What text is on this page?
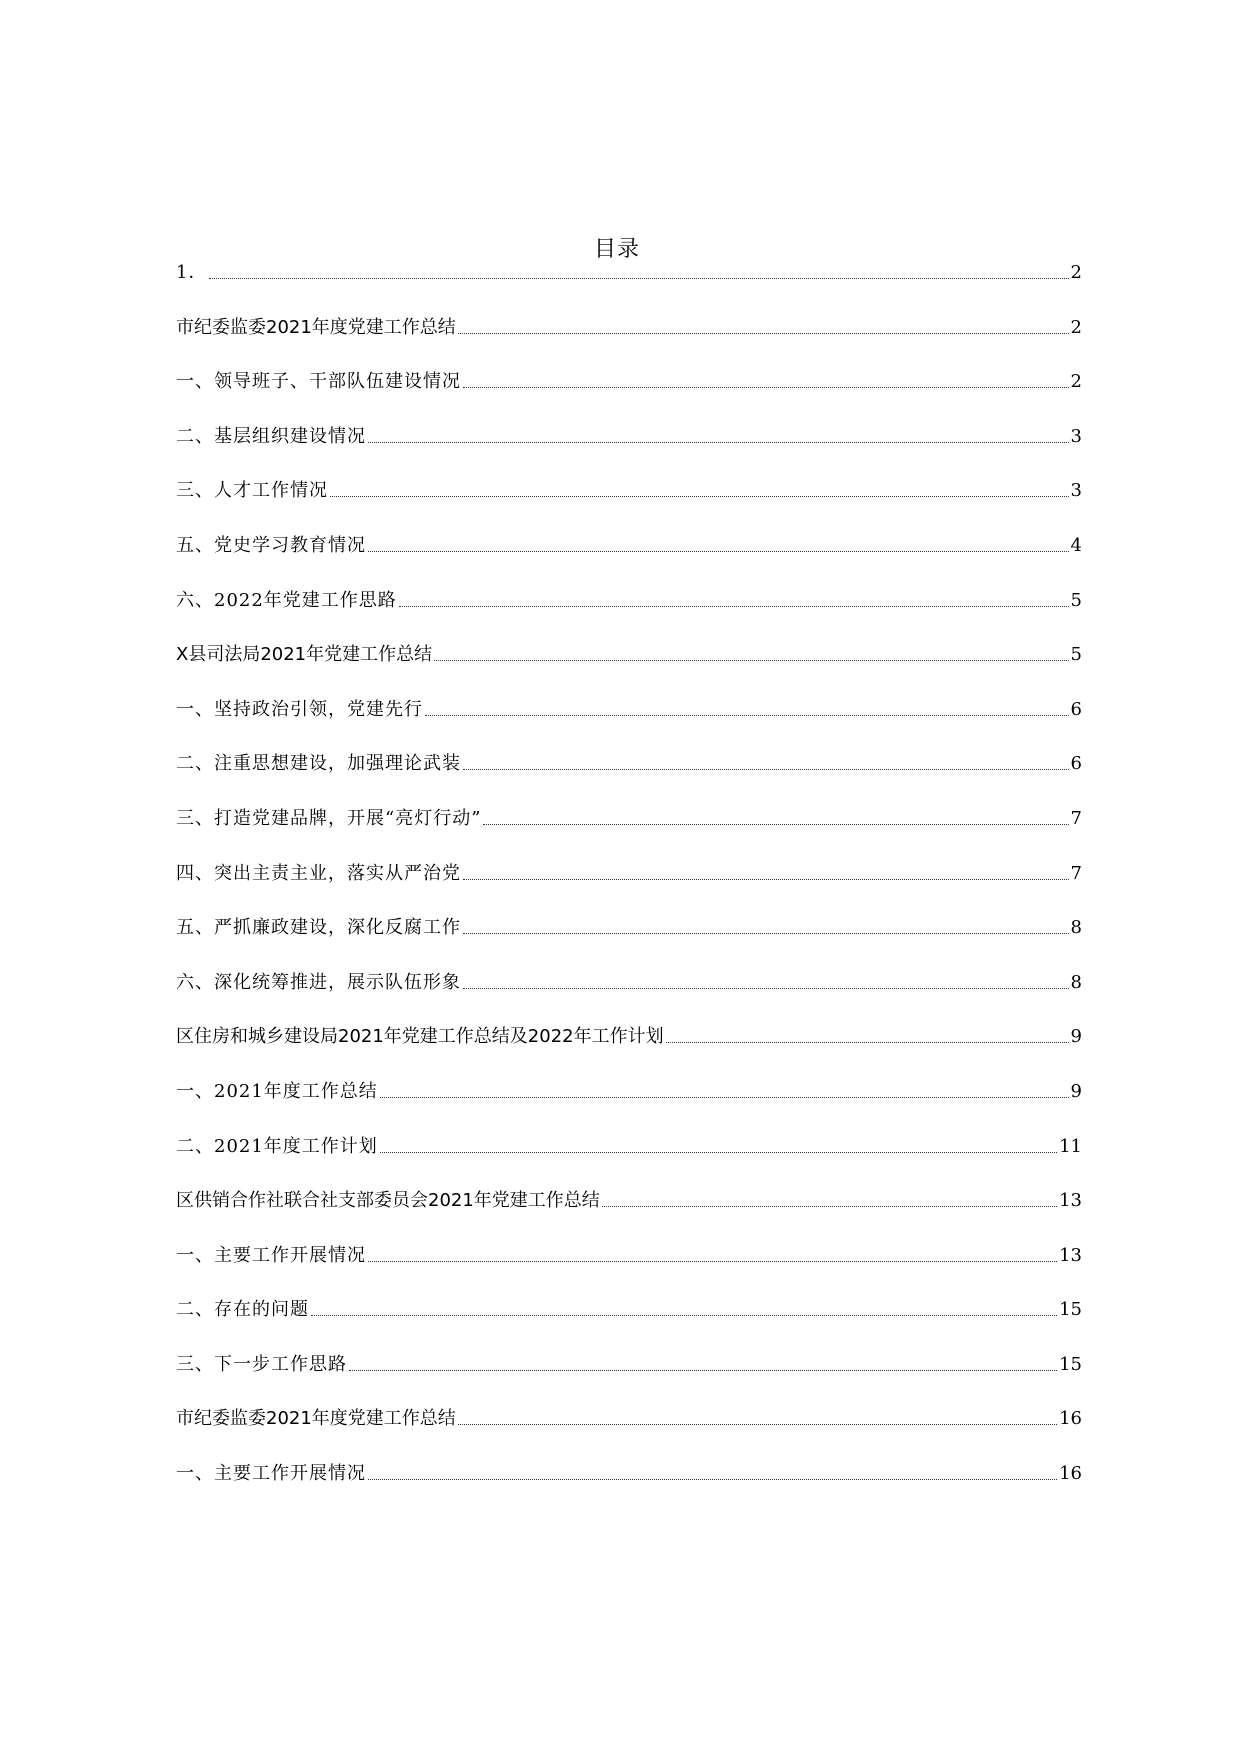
目录
1．	2
市纪委监委2021年度党建工作总结	2
一、领导班子、干部队伍建设情况	2
二、基层组织建设情况	3
三、人才工作情况	3
五、党史学习教育情况	4
六、2022年党建工作思路	5
X县司法局2021年党建工作总结	5
一、坚持政治引领，党建先行	6
二、注重思想建设，加强理论武装	6
三、打造党建品牌，开展“亮灯行动”	7
四、突出主责主业，落实从严治党	7
五、严抓廉政建设，深化反腐工作	8
六、深化统筹推进，展示队伍形象	8
区住房和城乡建设局2021年党建工作总结及2022年工作计划	9
一、2021年度工作总结	9
二、2021年度工作计划	11
区供销合作社联合社支部委员会2021年党建工作总结	13
一、主要工作开展情况	13
二、存在的问题	15
三、下一步工作思路	15
市纪委监委2021年度党建工作总结	16
一、主要工作开展情况	16
